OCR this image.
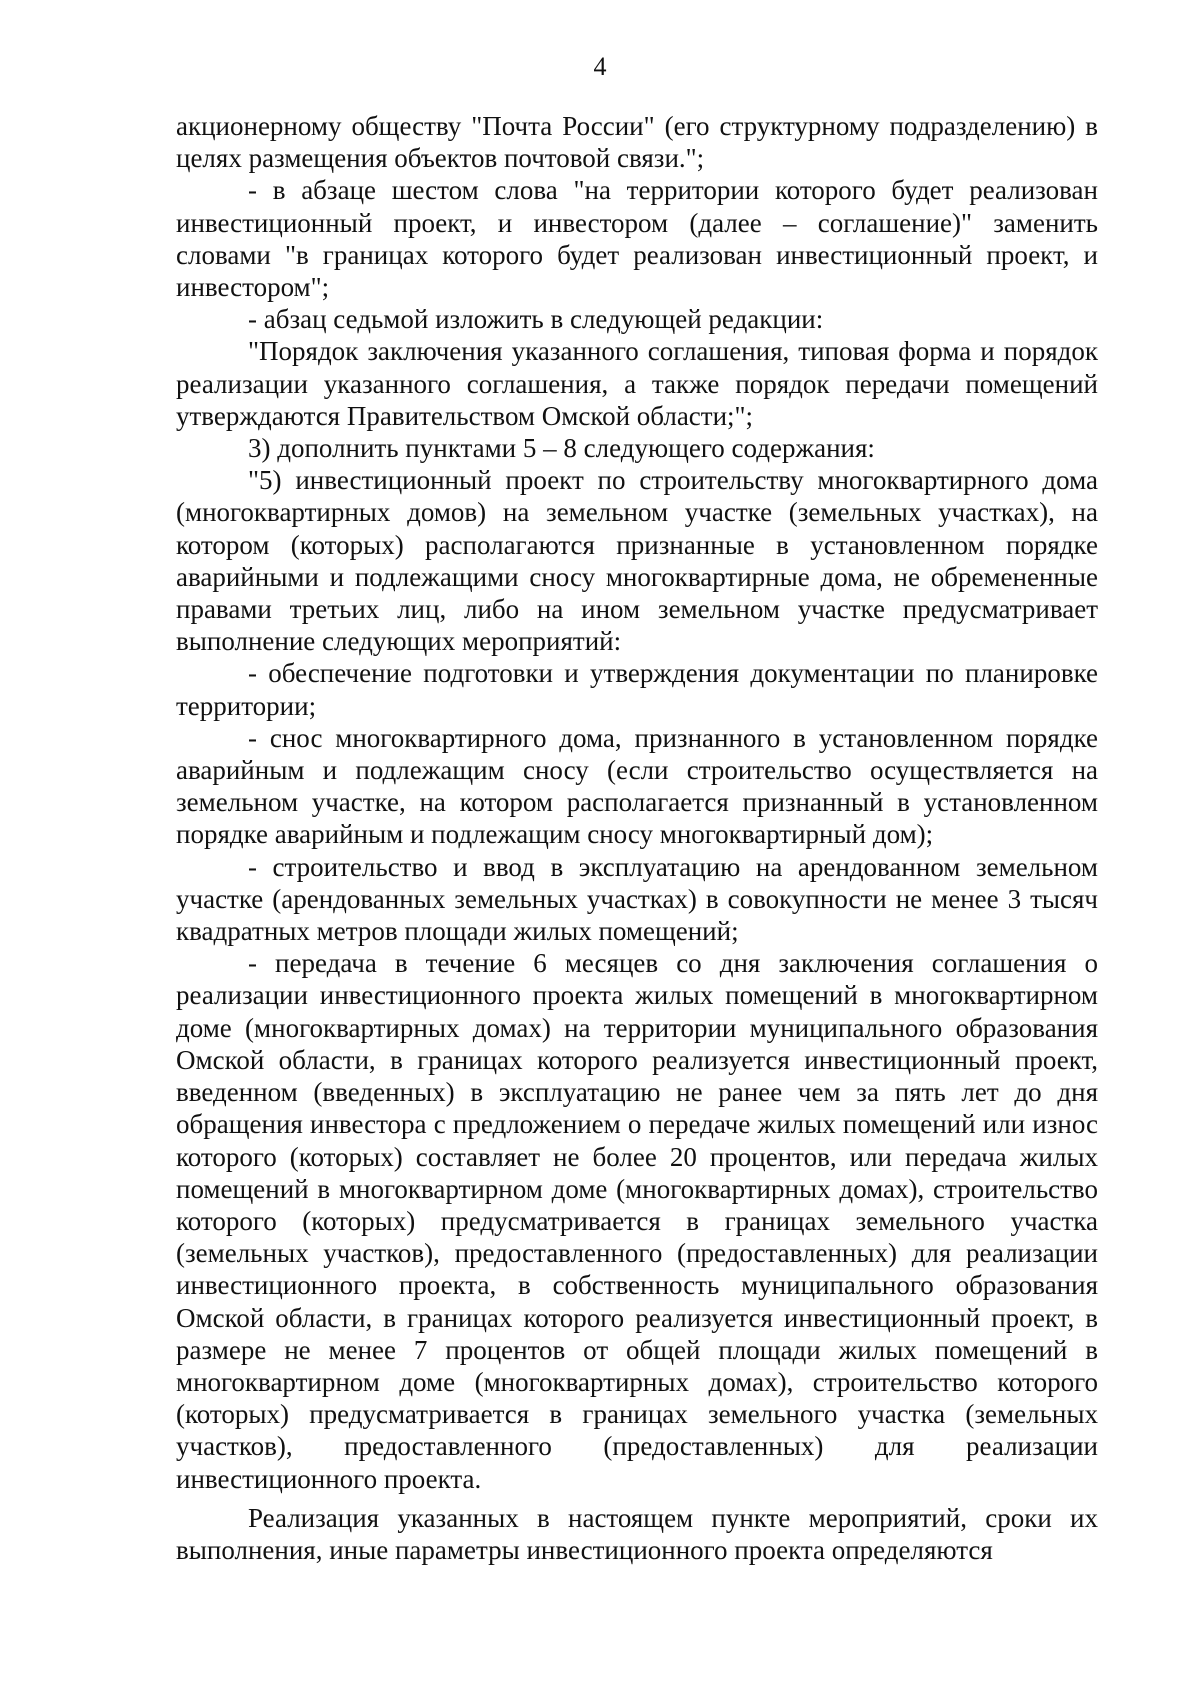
4

акционерному обществу "Почта России" (его структурному подразделению) в целях размещения объектов почтовой связи.";

- в абзаце шестом слова "на территории которого будет реализован инвестиционный проект, и инвестором (далее – соглашение)" заменить словами "в границах которого будет реализован инвестиционный проект, и инвестором";

- абзац седьмой изложить в следующей редакции:

"Порядок заключения указанного соглашения, типовая форма и порядок реализации указанного соглашения, а также порядок передачи помещений утверждаются Правительством Омской области;";

3) дополнить пунктами 5 – 8 следующего содержания:

"5) инвестиционный проект по строительству многоквартирного дома (многоквартирных домов) на земельном участке (земельных участках), на котором (которых) располагаются признанные в установленном порядке аварийными и подлежащими сносу многоквартирные дома, не обремененные правами третьих лиц, либо на ином земельном участке предусматривает выполнение следующих мероприятий:

- обеспечение подготовки и утверждения документации по планировке территории;

- снос многоквартирного дома, признанного в установленном порядке аварийным и подлежащим сносу (если строительство осуществляется на земельном участке, на котором располагается признанный в установленном порядке аварийным и подлежащим сносу многоквартирный дом);

- строительство и ввод в эксплуатацию на арендованном земельном участке (арендованных земельных участках) в совокупности не менее 3 тысяч квадратных метров площади жилых помещений;

- передача в течение 6 месяцев со дня заключения соглашения о реализации инвестиционного проекта жилых помещений в многоквартирном доме (многоквартирных домах) на территории муниципального образования Омской области, в границах которого реализуется инвестиционный проект, введенном (введенных) в эксплуатацию не ранее чем за пять лет до дня обращения инвестора с предложением о передаче жилых помещений или износ которого (которых) составляет не более 20 процентов, или передача жилых помещений в многоквартирном доме (многоквартирных домах), строительство которого (которых) предусматривается в границах земельного участка (земельных участков), предоставленного (предоставленных) для реализации инвестиционного проекта, в собственность муниципального образования Омской области, в границах которого реализуется инвестиционный проект, в размере не менее 7 процентов от общей площади жилых помещений в многоквартирном доме (многоквартирных домах), строительство которого (которых) предусматривается в границах земельного участка (земельных участков), предоставленного (предоставленных) для реализации инвестиционного проекта.

Реализация указанных в настоящем пункте мероприятий, сроки их выполнения, иные параметры инвестиционного проекта определяются
